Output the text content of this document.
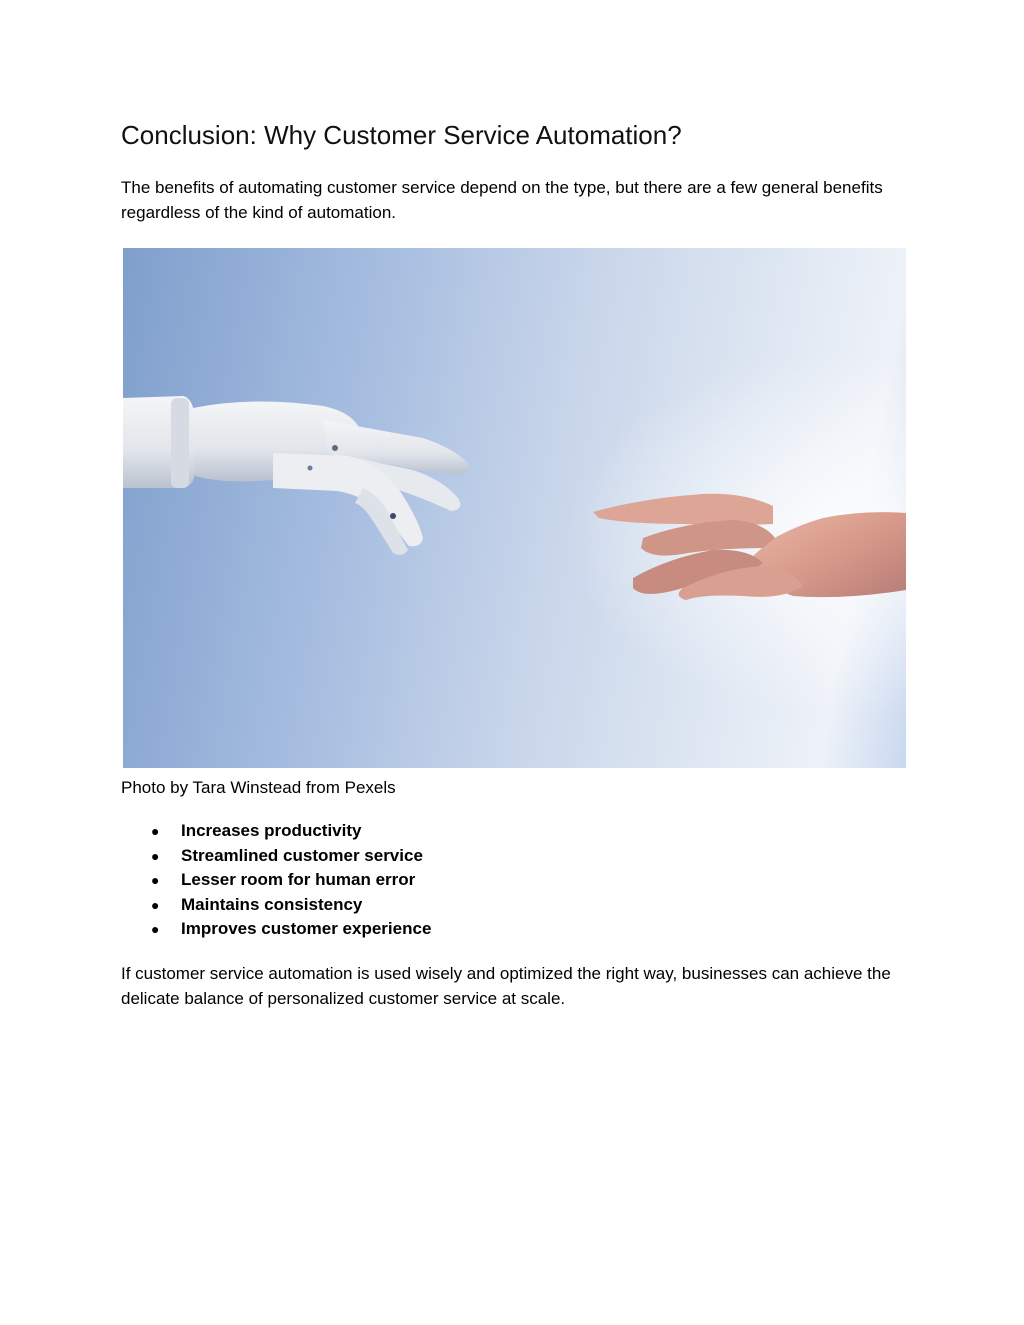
Conclusion: Why Customer Service Automation?

The benefits of automating customer service depend on the type, but there are a few general benefits regardless of the kind of automation.

Photo by Tara Winstead from Pexels

● Increases productivity
● Streamlined customer service
● Lesser room for human error
● Maintains consistency
● Improves customer experience

If customer service automation is used wisely and optimized the right way, businesses can achieve the delicate balance of personalized customer service at scale.
